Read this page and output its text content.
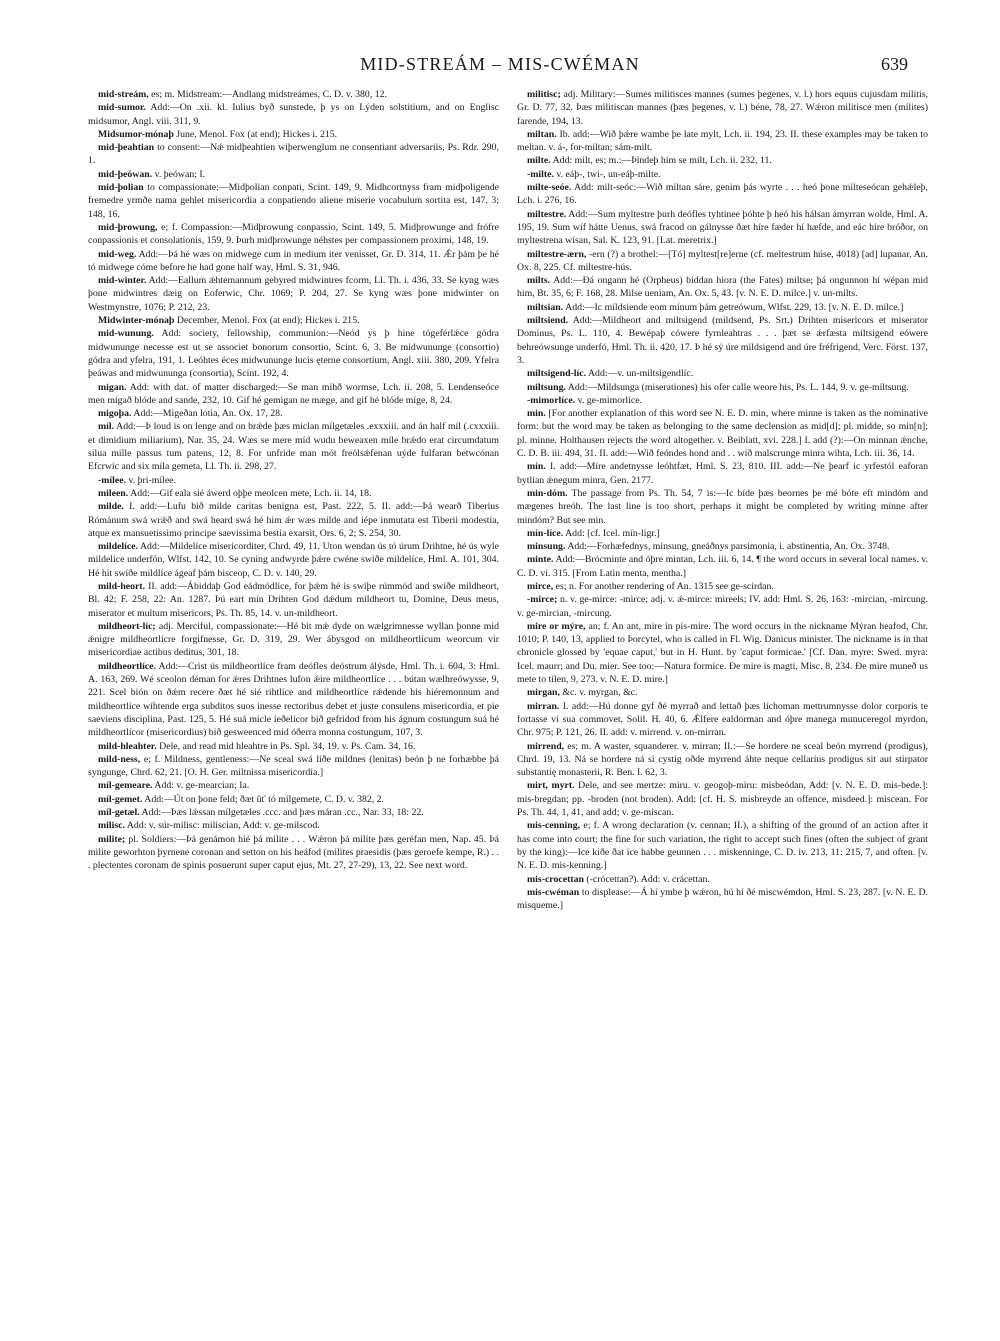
MID-STREÁM – MIS-CWÉMAN	639

mid-streám, es; m. Midstream:—Andlang midstreámes, C. D. v. 380, 12.

mid-sumor. Add:—On .xii. kl. Iulius byð sunstede, þ ys on Lýden solstitium, and on Englisc midsumor, Angl. viii. 311, 9.

Midsumor-mónaþ June, Menol. Fox (at end); Hickes i. 215.

mid-þeahtian to consent:—Nǽ midþeahtien wiþerwenglum ne consentiant adversariis, Ps. Rdr. 290, 1.

mid-þeówan. v. þeówan; I.

mid-þolian to compassionate:—Midþolian conpati, Scint. 149, 9. Midhcortnyss fram midþoligende fremedre yrmðe nama gehlet misericordia a conpatiendo aliene miserie vocabulum sortita est, 147, 3; 148, 16.

mid-þrowung, e; f. Compassion:—Midþrowung conpassio, Scint. 149, 5. Midþrowunge and frófre conpassionis et consolationis, 159, 9. Þurh midþrowunge néhstes per compassionem proximi, 148, 19.

mid-weg. Add:—Þá hé wæs on midwege cum in medium iter venisset, Gr. D. 314, 11. Ǽr þám þe hé tó midwege cóme before he had gone half way, Hml. S. 31, 946.

mid-winter. Add:—Eallum ǽhtemannum gebyred midwintres fcorm, Ll. Th. i. 436, 33. Se kyng wæs þone midwintres dæig on Eoferwic, Chr. 1069; P. 204, 27. Se kyng wæs þone midwinter on Westmynstre, 1076; P. 212, 23.

Midwinter-mónaþ December, Menol. Fox (at end); Hickes i. 215.

mid-wunung. Add: society, fellowship, communion:—Neód ys þ hine tógeférlǽce gódra midwununge necesse est ut se associet bonorum consortio, Scint. 6, 3. Be midwununge (consortio) gódra and yfelra, 191, 1. Leóhtes éces midwununge lucis ęterne consortium, Angl. xiii. 380, 209. Yfelra þeáwas and midwununga (consortia), Scint. 192, 4.

migan. Add: with dat. of matter discharged:—Se man mihð wormse, Lch. ii. 208, 5. Lendenseóce men mígað blóde and sande, 232, 10. Gif hé gemigan ne mæge, and gif hé blóde míge, 8, 24.

migoþa. Add:—Migeðan lotia, An. Ox. 17, 28.

míl. Add:—Þ loud is on lenge and on brǽde þæs miclan mílgetæles .exxxiii. and án half míl (.cxxxiii. et dimidium miliarium), Nar. 35, 24. Wæs se mere míd wudu beweaxen míle brǽdo erat circumdatum silua mille passus tum patens, 12, 8. For unfride man mót freólsǽfenan uýde fulfaran betwcónan Efcrwíc and six míla gemeta, Ll. Th. ii. 298, 27.

-mílee. v. þri-mílee.

mileen. Add:—Gif eala sié áwerd oþþe meolcen mete, Lch. ii. 14, 18.

milde. I. add:—Lufu bið milde caritas benigna est, Past. 222, 5. II. add:—Þá wearð Tiberius Rómánum swá wrǽð and swá heard swá hé him ǽr wæs milde and iépe inmutata est Tiberii modestia, atque ex mansuetissimo principe saevissima bestia exarsit, Ors. 6, 2; S. 254, 30.

mildelíce. Add:—Mildelíce misericorditer, Chrd. 49, 11. Uton wendan ús tó úrum Drihtne, hé ús wyle mildelíce underfón, Wlfst. 142, 10. Se cyning andwyrde þǽre cwéne swíðe mildelíce, Hml. A. 101, 304. Hé hit swíðe mildlíce ágeaf þám bisceop, C. D. v. 140, 29.

mild-heort. II. add:—Ábiddaþ God eádmódlíce, for þǽm hé is swíþe rúmmód and swíðe mildheort, Bl. 42; F. 258, 22: An. 1287. Þú eart mín Drihten God dǽdum mildheort tu, Domine, Deus meus, miserator et multum misericors, Ps. Th. 85, 14. v. un-mildheort.

mildheort-líc; adj. Merciful, compassionate:—Hé bit mǽ dyde on wælgrimnesse wyllan þonne mid ǽnigre mildheortlícre forgifnesse, Gr. D. 319, 29. Wer ábysgod on mildheortlícum weorcum vir misericordiae actibus deditus, 301, 18.

mildheortlíce. Add:—Crist ús mildheortlíce fram deófles deóstrum álýsde, Hml. Th. i. 604, 3: Hml. A. 163, 269. Wé sceolon déman for ǽres Drihtnes lufon ǽire mildheortlíce . . . bútan wælhreówysse, 9, 221. Scel bión on ðǽm recere ðæt hé sié rihtlíce and mildheortlíce rǽdende his hiéremonnum and mildheortlíce wíhtende erga subditos suos inesse rectoribus debet et juste consulens misericordia, et pie saeviens disciplina, Past. 125, 5. Hé suá micle íeðelícor bið gefridod from his ágnum costungum suá hé mildheortlícor (misericordius) bið gesweenced mid óðerra monna costungum, 107, 3.

mild-hleahter. Dele, and read mid hleahtre in Ps. Spl. 34, 19. v. Ps. Cam. 34, 16.

mild-ness, e; f. Mildness, gentleness:—Ne sceal swá líðe mildnes (lenitas) beón þ ne forhæbbe þá syngunge, Chrd. 62, 21. [O. H. Ger. miltnissa misericordia.]

míl-gemeare. Add: v. ge-mearcian; Ia.

míl-gemet. Add:—Út on þone feld; ðæt ûť tó mílgemete, C. D. v. 382, 2.

míl-getæl. Add:—Þæs lǽssan mílgetæles .ccc. and þæs máran .cc., Nar. 33, 18: 22.

milisc. Add: v. súr-milisc: miliscian, Add: v. ge-milscod.

milite; pl. Soldiers:—Þá genámon híé þá milite . . . Wǽron þá milite þæs geréfan men, Nap. 45. Þá milite geworhton þyrnene coronan and setton on his heáfod (milites praesidis (þæs geroefe kempe, R.) . . . plectentes coronam de spinis posuerunt super caput ejus, Mt. 27, 27-29), 13, 22. See next word.

militisc; adj. Military:—Sumes militisces mannes (sumes þegenes, v. l.) hors equus cujusdam militis, Gr. D. 77, 32. Þæs militiscan mannes (þæs þegenes, v. l.) béne, 78, 27. Wǽron militisce men (milites) farende, 194, 13.

miltan. Ib. add:—Wið þǽre wambe þe late mylt, Lch. ii. 194, 23. II. these examples may be taken to meltan. v. á-, for-miltan; sám-milt.

milte. Add: milt, es; m.:—Þindeþ him se milt, Lch. ii. 232, 11.

-milte. v. eáþ-, twi-, un-eáþ-milte.

milte-seóe. Add: milt-seóc:—Wið miltan sáre, genim þás wyrte . . . heó þone milteseócan gehǽleþ, Lch. i. 276, 16.

miltestre. Add:—Sum myltestre þurh deófles tyhtinee þóhte þ heó his hálsan ámyrran wolde, Hml. A. 195, 19. Sum wíf hátte Uenus, swá fracod on gálnysse ðæt híre fæder hí hæfde, and eác híre bróðor, on myltestrena wísan, Sal. K. 123, 91. [Lat. meretrix.]

miltestre-ærn, -ern (?) a brothel:—[Tó] myltest[re]erne (cf. meltestrum húse, 4018) [ad] lupanar, An. Ox. 8, 225. Cf. miltestre-hús.

milts. Add:—Ðá ongann hé (Orpheus) biddan hiora (the Fates) miltse; þá ongunnon hí wépan mid him, Bt. 35, 6; F. 168, 28. Milse ueniam, An. Ox. 5, 43. [v. N. E. D. milce.] v. un-milts.

miltsian. Add:—Ic mildsiende eom mínum þám getreówum, Wlfst. 229, 13. [v. N. E. D. milce.]

miltsiend. Add:—Mildheort and miltsigend (mildsend, Ps. Srt.) Drihten misericors et miserator Dominus, Ps. L. 110, 4. Bewépaþ cówere fyrnleahtras . . . þæt se ǽrfæsta miltsigend eówere behreówsunge underfó, Hml. Th. ii. 420, 17. Þ hé sý úre mildsigend and úre fréfrigend, Verc. Först. 137, 3.

miltsigend-líc. Add:—v. un-miltsigendlíc.

miltsung. Add:—Mildsunga (miserationes) his ofer calle weore his, Ps. L. 144, 9. v. ge-miltsung.

-mimorlíce. v. ge-mimorlíce.

min. [For another explanation of this word see N. E. D. min, where minne is taken as the nominative form: but the word may be taken as belonging to the same declension as mid[d]; pl. midde, so min[n]; pl. minne. Holthausen rejects the word altogether. v. Beiblatt, xvi. 228.] I. add (?):—On minnan ǽnche, C. D. B. iii. 494, 31. II. add:—Wið feóndes hond and . . wið malscrunge minra wihta, Lch. iii. 36, 14.

mín. I. add:—Míre andetnysse leóhtfæt, Hml. S. 23, 810. III. add:—Ne þearf ic yrfestól eaforan bytlian ǽnegum mínra, Gen. 2177.

min-dóm. The passage from Ps. Th. 54, 7 is:—Ic bíde þæs beornes þe mé bóte eft mindóm and mægenes hreóh. The last line is too short, perhaps it might be completed by writing mínne after mindóm? But see min.

mín-líce. Add: [cf. Icel. mín-ligr.]

minsung. Add:—Forhæfednys, minsung, gneáðnys parsimonia, i. abstinentia, An. Ox. 3748.

minte. Add:—Brócminte and óþre mintan, Lch. iii. 6, 14. ¶ the word occurs in several local names. v. C. D. vi. 315. [From Latin menta, mentha.]

mirce, es; n. For another rendering of An. 1315 see ge-scirdan.

-mirce; n. v. ge-mirce: -mirce; adj. v. ǽ-mirce: mireels; IV. add: Hml. S. 26, 163: -mircian, -mircung. v. ge-mircian, -mircung.

mire or mýre, an; f. An ant, mire in pis-mire. The word occurs in the nickname Mýran heafod, Chr. 1010; P. 140, 13, applied to Þorcytel, who is called in Fl. Wig. Danicus minister. The nickname is in that chronicle glossed by 'equae caput,' but in H. Hunt. by 'caput formicae.' [Cf. Dan. myre: Swed. myra: Icel. maurr; and Du. mier. See too:—Natura formice. Ðe mire is magti, Misc. 8, 234. Ðe mire muneð us mete to tilen, 9, 273. v. N. E. D. mire.]

mirgan, &c. v. myrgan, &c.

mirran. I. add:—Hú donne gyf ðé myrrað and lettað þæs líchoman mettrumnysse dolor corporis te fortasse vi sua commovet, Solil. H. 40, 6. Ǽlfere ealdorman and óþre manega munuceregol myrdon, Chr. 975; P. 121, 26. II. add: v. mirrend. v. on-mirran.

mirrend, es; m. A waster, squanderer. v. mirran; II.:—Se hordere ne sceal beón myrrend (prodigus), Chrd. 19, 13. Ná se hordere ná sí cystig oðde myrrend áhte neque cellarius prodigus sit aut stirpator substantię monasterii, R. Ben. I. 62, 3.

mirt, myrt. Dele, and see mertze: miru. v. geogoþ-miru: misbeódan, Add: [v. N. E. D. mis-bede.]: mis-bregdan; pp. -broden (not broden). Add: [cf. H. S. misbreyde an offence, misdeed.]: miscean. For Ps. Th. 44, 1, 41, and add; v. ge-miscan.

mis-cenning, e; f. A wrong declaration (v. cennan; II.), a shifting of the ground of an action after it has come into court; the fine for such variation, the right to accept such fines (often the subject of grant by the king):—Ice kiðe ðat ice habbe geunnen . . . miskenninge, C. D. iv. 213, 11: 215, 7, and often. [v. N. E. D. mis-kenning.]

mis-crocettan (-crócettan?). Add: v. crácettan.

mis-cwéman to displease:—Á hí ymbe þ wǽron, hú hí ðé miscwémdon, Hml. S. 23, 287. [v. N. E. D. misqueme.]
